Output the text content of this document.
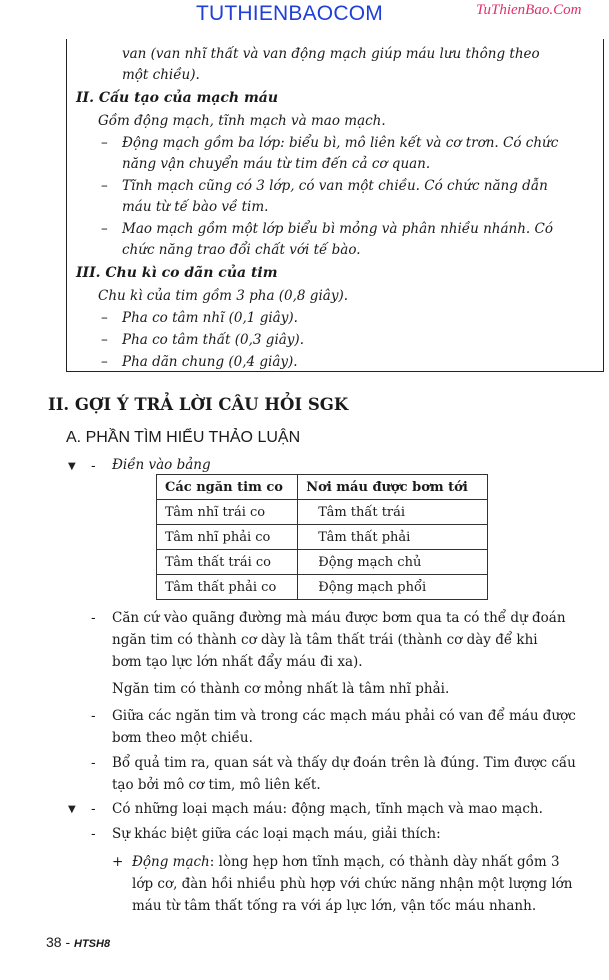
TUTHIENBAOCOM	TuThienBao.Com
van (van nhĩ thất và van động mạch giúp máu lưu thông theo
một chiều).
II. Cấu tạo của mạch máu
Gồm động mạch, tĩnh mạch và mao mạch.
– Động mạch gồm ba lớp: biểu bì, mô liên kết và cơ trơn. Có chức
năng vận chuyển máu từ tim đến cả cơ quan.
– Tĩnh mạch cũng có 3 lớp, có van một chiều. Có chức năng dẫn
máu từ tế bào về tim.
– Mao mạch gồm một lớp biểu bì mỏng và phân nhiều nhánh. Có
chức năng trao đổi chất với tế bào.
III. Chu kì co dãn của tim
Chu kì của tim gồm 3 pha (0,8 giây).
– Pha co tâm nhĩ (0,1 giây).
– Pha co tâm thất (0,3 giây).
– Pha dãn chung (0,4 giây).
II. GỢI Ý TRẢ LỜI CÂU HỎI SGK
A. PHẦN TÌM HIỂU THẢO LUẬN
▼ - Điền vào bảng
Các ngăn tim co	Nơi máu được bơm tới
Tâm nhĩ trái co	Tâm thất trái
Tâm nhĩ phải co	Tâm thất phải
Tâm thất trái co	Động mạch chủ
Tâm thất phải co	Động mạch phổi
- Căn cứ vào quãng đường mà máu được bơm qua ta có thể dự đoán
ngăn tim có thành cơ dày là tâm thất trái (thành cơ dày để khi
bơm tạo lực lớn nhất đẩy máu đi xa).
Ngăn tim có thành cơ mỏng nhất là tâm nhĩ phải.
- Giữa các ngăn tim và trong các mạch máu phải có van để máu được
bơm theo một chiều.
- Bổ quả tim ra, quan sát và thấy dự đoán trên là đúng. Tim được cấu
tạo bởi mô cơ tim, mô liên kết.
▼ - Có những loại mạch máu: động mạch, tĩnh mạch và mao mạch.
- Sự khác biệt giữa các loại mạch máu, giải thích:
+ Động mạch: lòng hẹp hơn tĩnh mạch, có thành dày nhất gồm 3
lớp cơ, đàn hồi nhiều phù hợp với chức năng nhận một lượng lớn
máu từ tâm thất tống ra với áp lực lớn, vận tốc máu nhanh.
38 - HTSH8
